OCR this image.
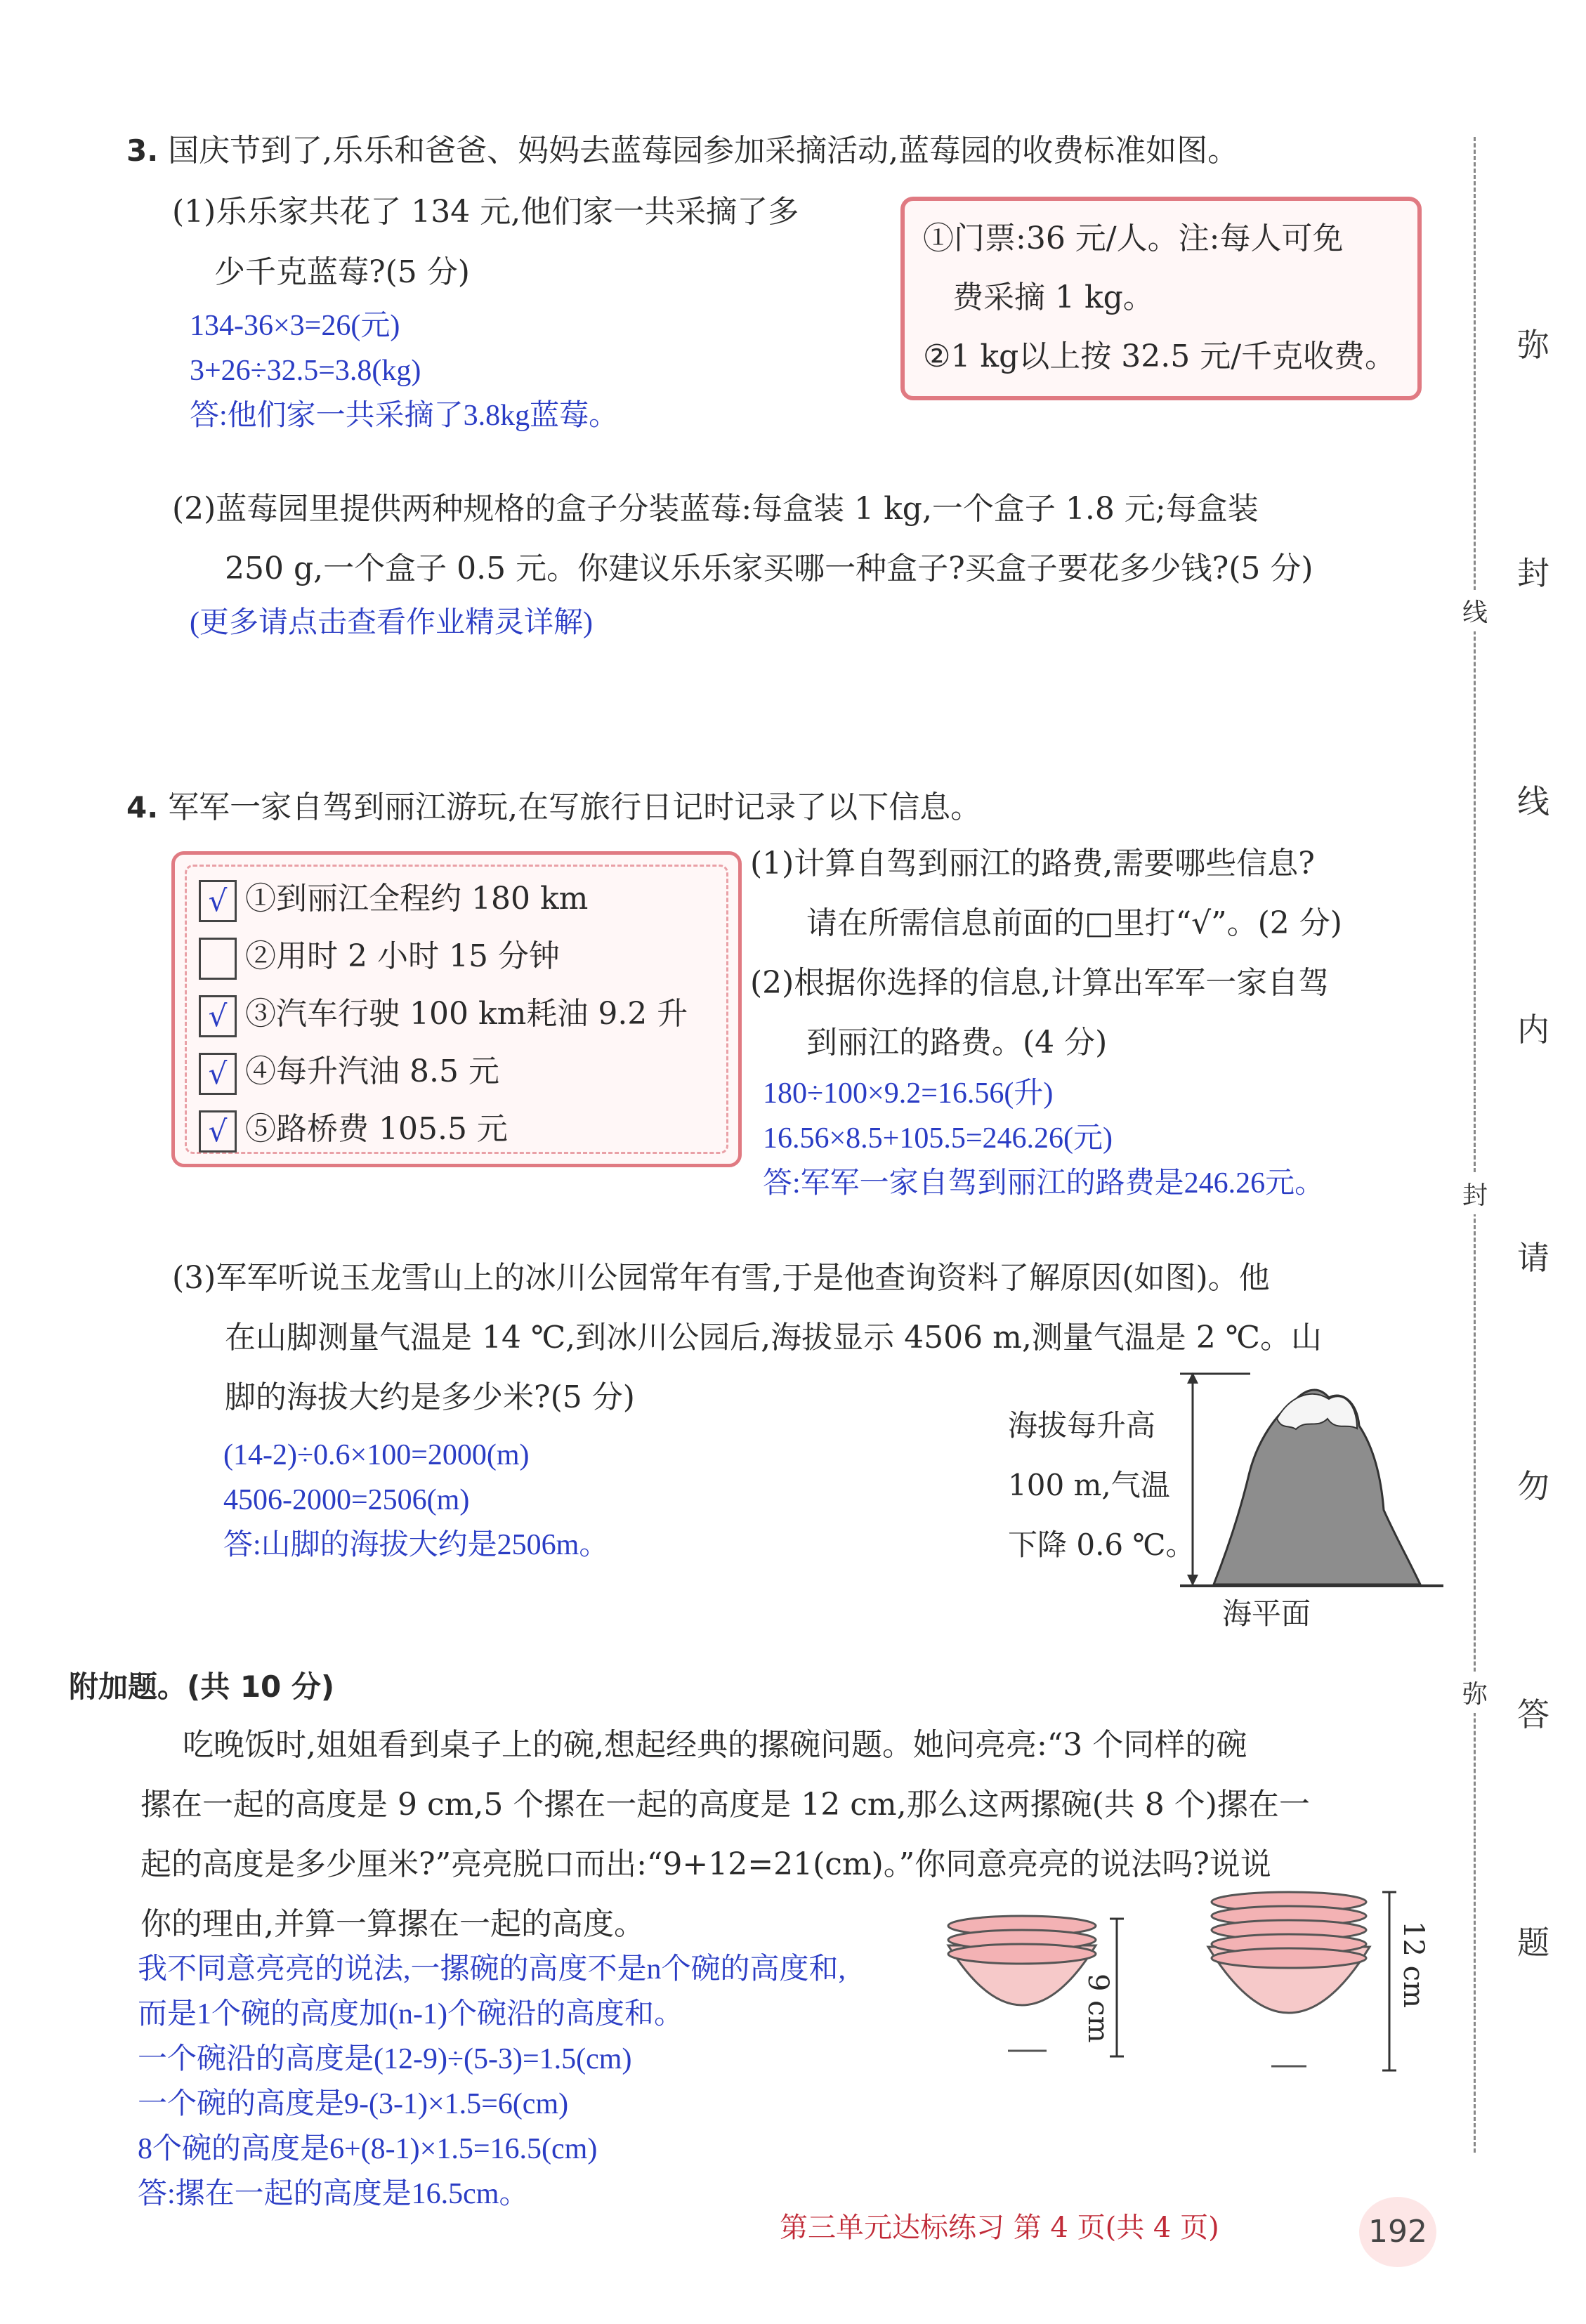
3. 国庆节到了,乐乐和爸爸、妈妈去蓝莓园参加采摘活动,蓝莓园的收费标准如图。
(1)乐乐家共花了 134 元,他们家一共采摘了多
少千克蓝莓?(5 分)
①门票:36 元/人。注:每人可免
费采摘 1 kg。
②1 kg以上按 32.5 元/千克收费。
134-36×3=26(元)
3+26÷32.5=3.8(kg)
答:他们家一共采摘了3.8kg蓝莓。
(2)蓝莓园里提供两种规格的盒子分装蓝莓:每盒装 1 kg,一个盒子 1.8 元;每盒装
250 g,一个盒子 0.5 元。你建议乐乐家买哪一种盒子?买盒子要花多少钱?(5 分)
(更多请点击查看作业精灵详解)
4. 军军一家自驾到丽江游玩,在写旅行日记时记录了以下信息。
√ ①到丽江全程约 180 km
②用时 2 小时 15 分钟
√ ③汽车行驶 100 km耗油 9.2 升
√ ④每升汽油 8.5 元
√ ⑤路桥费 105.5 元
(1)计算自驾到丽江的路费,需要哪些信息?
请在所需信息前面的□里打“√”。(2 分)
(2)根据你选择的信息,计算出军军一家自驾
到丽江的路费。(4 分)
180÷100×9.2=16.56(升)
16.56×8.5+105.5=246.26(元)
答:军军一家自驾到丽江的路费是246.26元。
(3)军军听说玉龙雪山上的冰川公园常年有雪,于是他查询资料了解原因(如图)。他
在山脚测量气温是 14 ℃,到冰川公园后,海拔显示 4506 m,测量气温是 2 ℃。山
脚的海拔大约是多少米?(5 分)
(14-2)÷0.6×100=2000(m)
4506-2000=2506(m)
答:山脚的海拔大约是2506m。
海拔每升高
100 m,气温
下降 0.6 ℃。
海平面
附加题。(共 10 分)
吃晚饭时,姐姐看到桌子上的碗,想起经典的摞碗问题。她问亮亮:“3 个同样的碗
摞在一起的高度是 9 cm,5 个摞在一起的高度是 12 cm,那么这两摞碗(共 8 个)摞在一
起的高度是多少厘米?”亮亮脱口而出:“9+12=21(cm)。”你同意亮亮的说法吗?说说
你的理由,并算一算摞在一起的高度。
我不同意亮亮的说法,一摞碗的高度不是n个碗的高度和,
而是1个碗的高度加(n-1)个碗沿的高度和。
一个碗沿的高度是(12-9)÷(5-3)=1.5(cm)
一个碗的高度是9-(3-1)×1.5=6(cm)
8个碗的高度是6+(8-1)×1.5=16.5(cm)
答:摞在一起的高度是16.5cm。
9 cm
12 cm
弥
封
线
内
请
勿
答
题
线
封
弥
第三单元达标练习 第 4 页(共 4 页)	192
